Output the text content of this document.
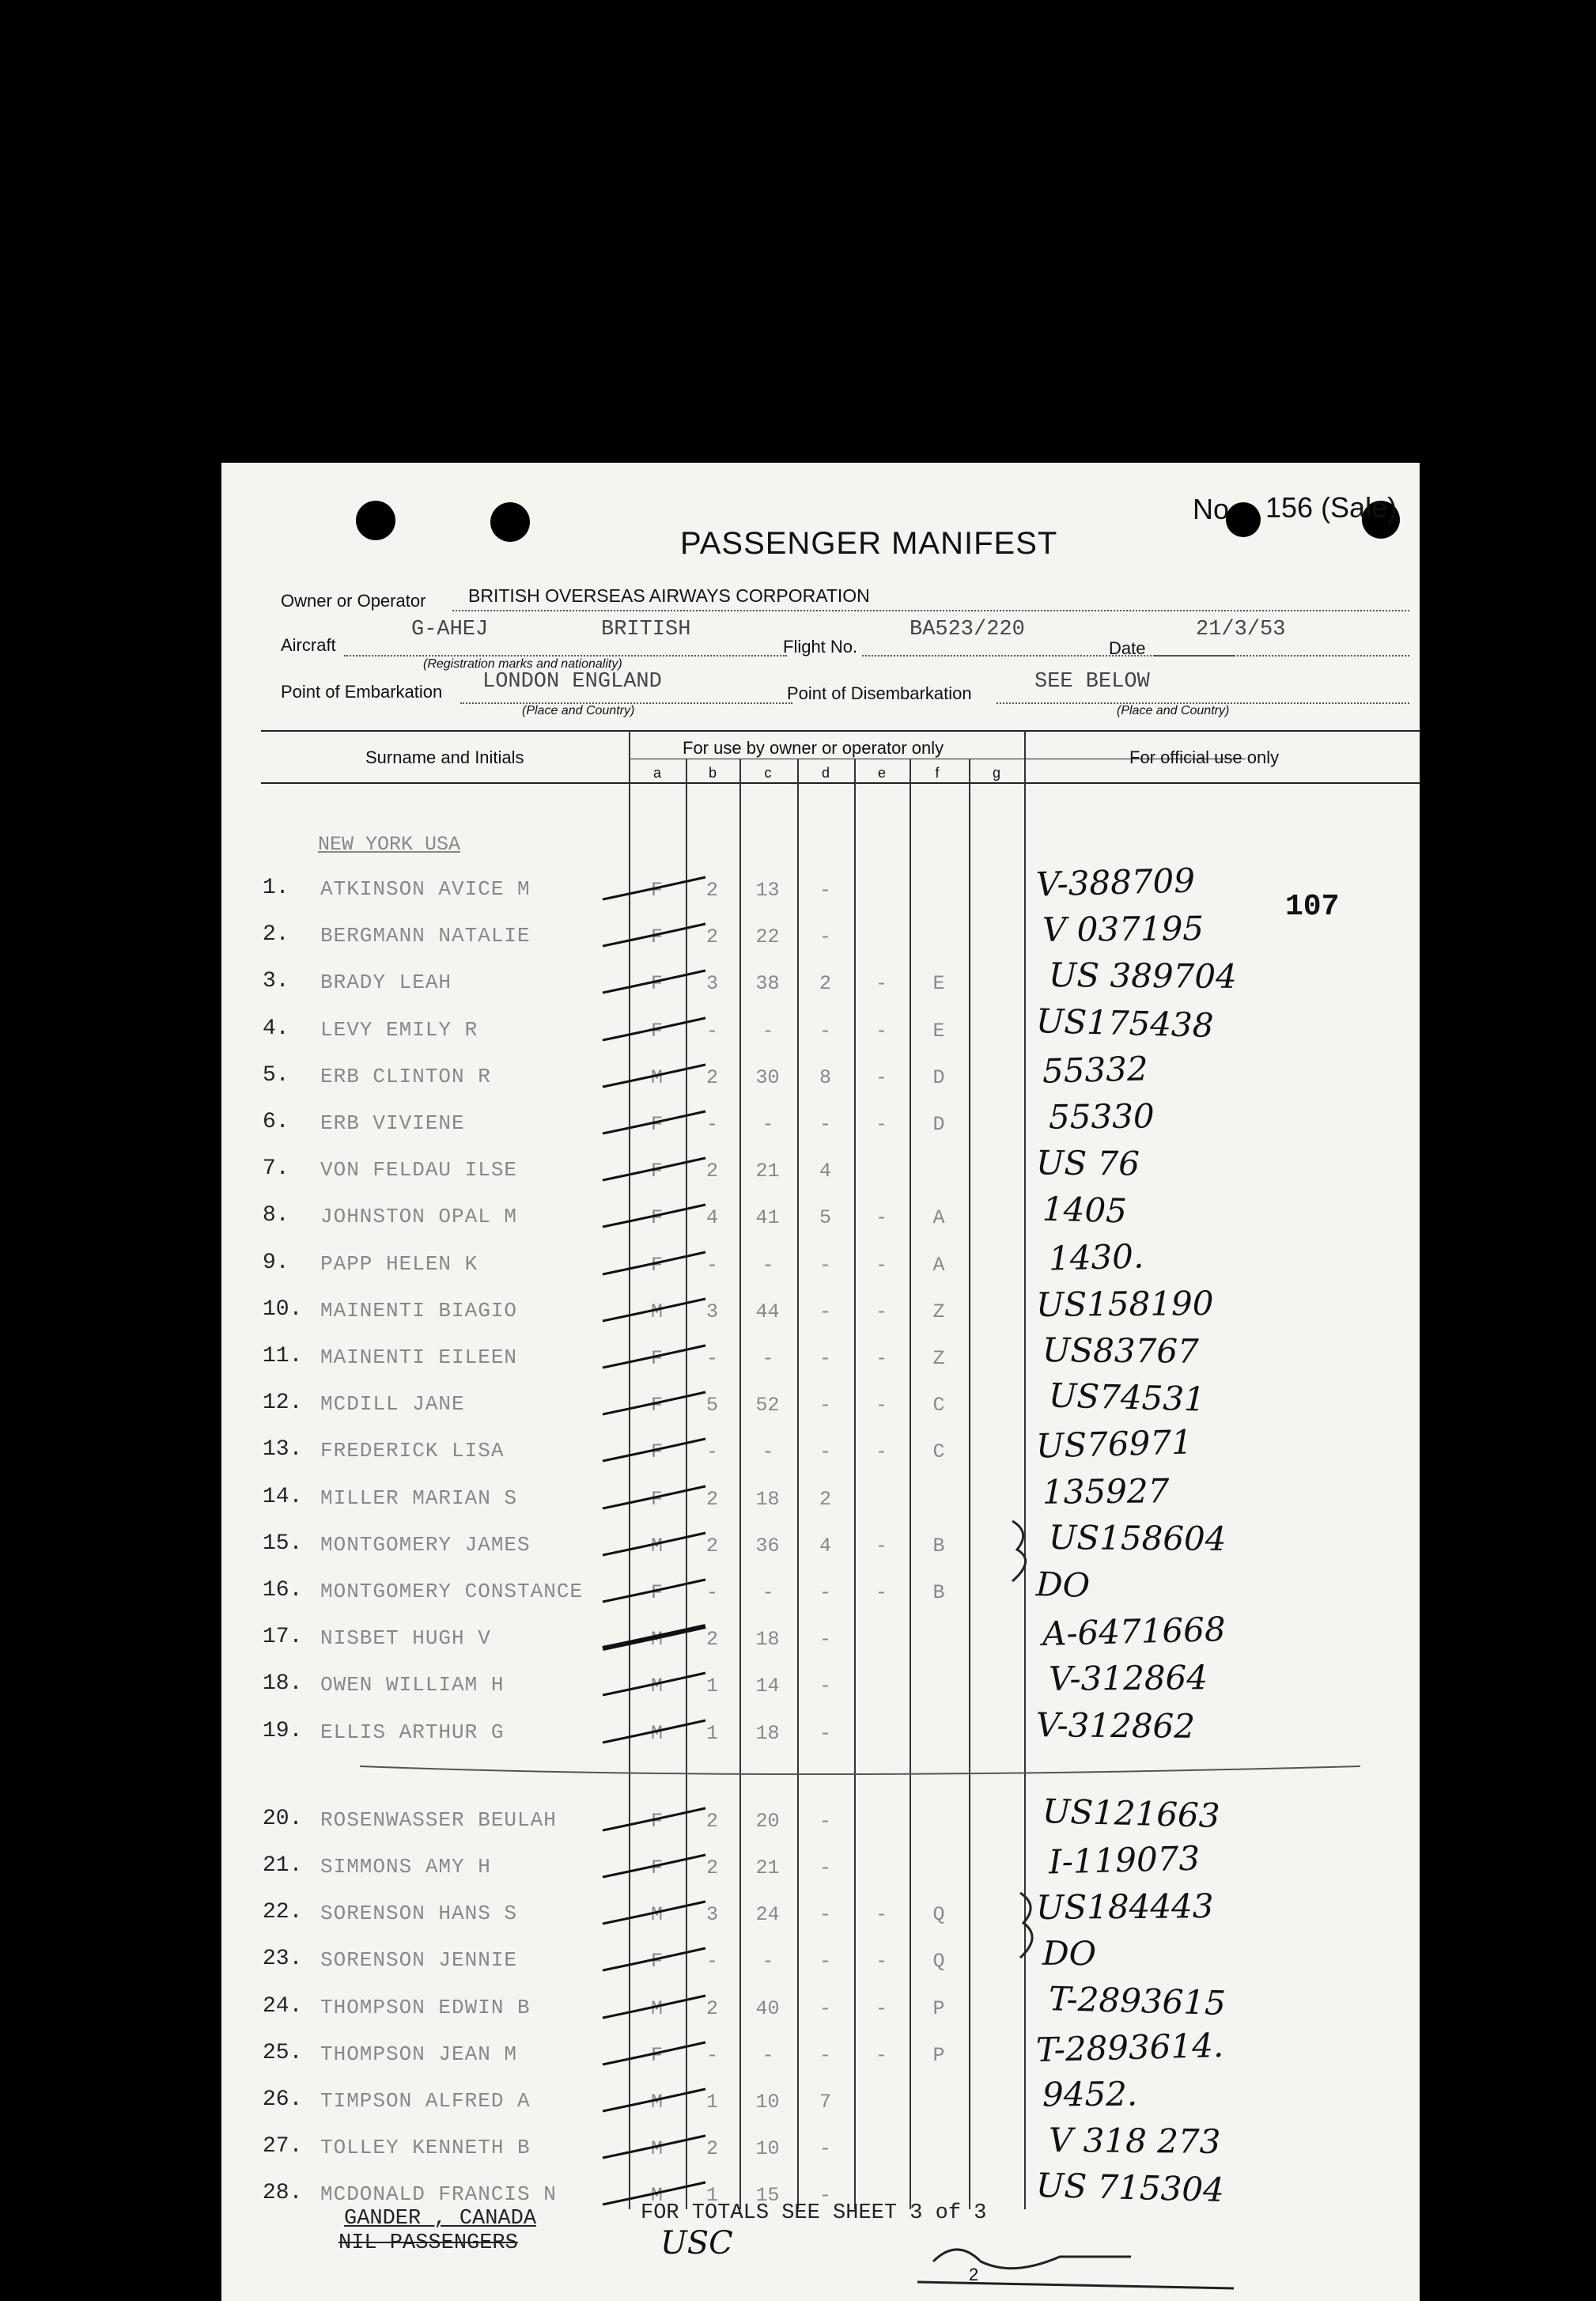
PASSENGER MANIFEST
No 156 (Sale)
Owner or Operator BRITISH OVERSEAS AIRWAYS CORPORATION
Aircraft
G-AHEJ	BRITISH
Flight No.
BA523/220
Date
21/3/53
(Registration marks and nationality)
Point of Embarkation LONDON ENGLAND	Point of Disembarkation	SEE BELOW
(Place and Country)	(Place and Country)
Surname and Initials	For use by owner or operator only	For official use only
a	b	c	d	e	f	g
NEW YORK USA
107
1. ATKINSON AVICE M	F 2 13 -	V-388709
2. BERGMANN NATALIE	F 2 22 -	V 037195
3. BRADY LEAH	F 3 38 2 - E	US 389704
4. LEVY EMILY R	F - - - - E	US175438
5. ERB CLINTON R	M 2 30 8 - D	55332
6. ERB VIVIENE	F - - - - D	55330
7. VON FELDAU ILSE	F 2 21 4	US 76
8. JOHNSTON OPAL M	F 4 41 5 - A	1405
9. PAPP HELEN K	F - - - - A	1430.
10. MAINENTI BIAGIO	M 3 44 - - Z	US158190
11. MAINENTI EILEEN	F - - - - Z	US83767
12. MCDILL JANE	F 5 52 - - C	US74531
13. FREDERICK LISA	F - - - - C	US76971
14. MILLER MARIAN S	F 2 18 2	135927
15. MONTGOMERY JAMES	M 2 36 4 - B	US158604
16. MONTGOMERY CONSTANCE	F - - - - B	DO
17. NISBET HUGH V	M 2 18 -	A-6471668
18. OWEN WILLIAM H	M 1 14 -	V-312864
19. ELLIS ARTHUR G	M 1 18 -	V-312862
20. ROSENWASSER BEULAH	F 2 20 -	US121663
21. SIMMONS AMY H	F 2 21 -	I-119073
22. SORENSON HANS S	M 3 24 - - Q	US184443
23. SORENSON JENNIE	F - - - - Q	DO
24. THOMPSON EDWIN B	M 2 40 - - P	T-2893615
25. THOMPSON JEAN M	F - - - - P	T-2893614.
26. TIMPSON ALFRED A	M 1 10 7	9452.
27. TOLLEY KENNETH B	M 2 10 -	V 318 273
28. MCDONALD FRANCIS N	M 1 15 -	US 715304
GANDER , CANADA
NIL PASSENGERS
FOR TOTALS SEE SHEET 3 of 3
USC
2
